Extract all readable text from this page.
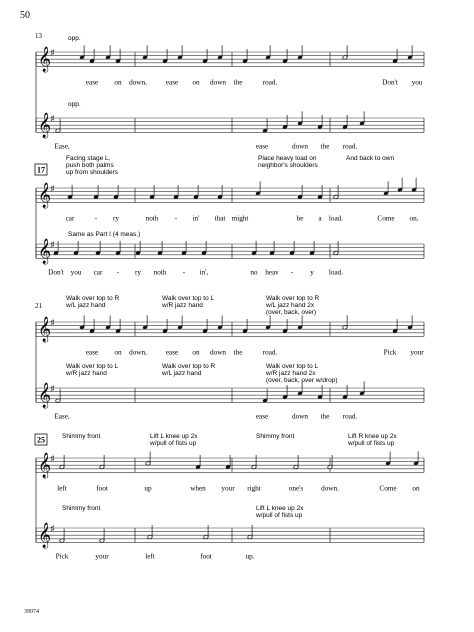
50
39974
13
𝄞
♯
𝄞
♯
opp.
opp.
ease on down,	ease on down the	road.	Don't you
Ease,	ease	down the road.
17
𝄞
♯
𝄞
♯
Facing stage L,
push both palms
up from shoulders
Place heavy load on
neighbor's shoulders
And back to own
Same as Part I (4 meas.)
car	- ry	noth - in' that might	be a load.	Come on,
Don't you car - ry noth - in',	no heav - y load.
21
𝄞
♯
𝄞
♯
Walk over top to R
w/L jazz hand
Walk over top to L
w/R jazz hand
Walk over top to R
w/L jazz hand 2x
(over, back, over)
Walk over top to L
w/R jazz hand
Walk over top to R
w/L jazz hand
Walk over top to L
w/R jazz hand 2x
(over, back, over w/drop)
ease on down,	ease on down the	road.	Pick your
Ease,	ease	down the road.
25
𝄞
♯
𝄞
♯
Shimmy front	Lift L knee up 2x
w/pull of fists up
Shimmy front	Lift R knee up 2x
w/pull of fists up
Shimmy front	Lift L knee up 2x
w/pull of fists up
left	foot	up	when your right	one's down.	Come on
Pick	your	left	foot	up.
